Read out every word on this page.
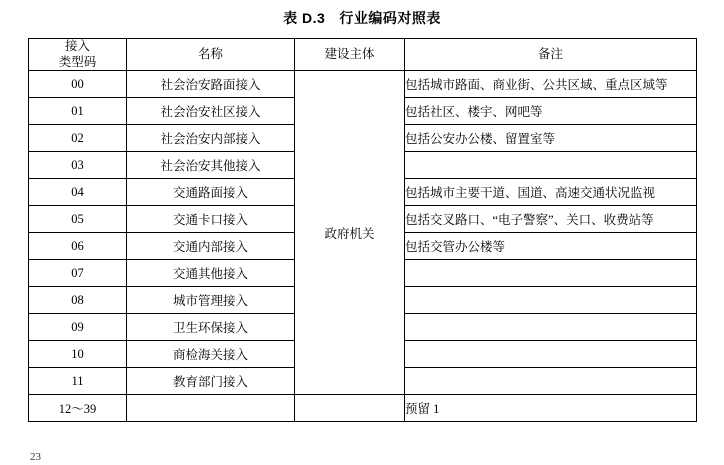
表 D.3 行业编码对照表
接入
类型码	名称	建设主体	备注
00	社会治安路面接入	政府机关	包括城市路面、商业街、公共区域、重点区域等
01	社会治安社区接入		包括社区、楼宇、网吧等
02	社会治安内部接入		包括公安办公楼、留置室等
03	社会治安其他接入		
04	交通路面接入		包括城市主要干道、国道、高速交通状况监视
05	交通卡口接入		包括交叉路口、“电子警察”、关口、收费站等
06	交通内部接入		包括交管办公楼等
07	交通其他接入		
08	城市管理接入		
09	卫生环保接入		
10	商检海关接入		
11	教育部门接入		
12～39			预留 1
23
